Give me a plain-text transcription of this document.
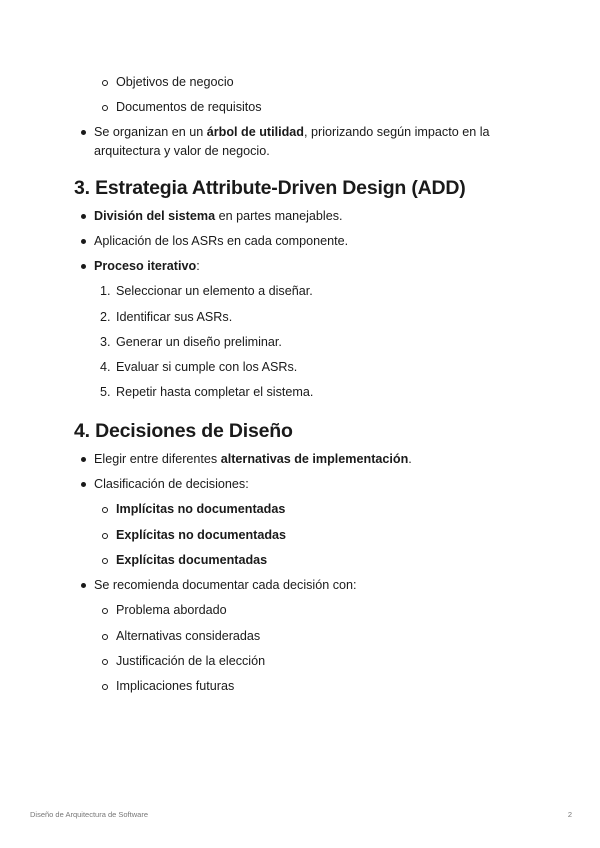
Objetivos de negocio
Documentos de requisitos
Se organizan en un árbol de utilidad, priorizando según impacto en la
arquitectura y valor de negocio.
3. Estrategia Attribute-Driven Design (ADD)
División del sistema en partes manejables.
Aplicación de los ASRs en cada componente.
Proceso iterativo:
1. Seleccionar un elemento a diseñar.
2. Identificar sus ASRs.
3. Generar un diseño preliminar.
4. Evaluar si cumple con los ASRs.
5. Repetir hasta completar el sistema.
4. Decisiones de Diseño
Elegir entre diferentes alternativas de implementación.
Clasificación de decisiones:
Implícitas no documentadas
Explícitas no documentadas
Explícitas documentadas
Se recomienda documentar cada decisión con:
Problema abordado
Alternativas consideradas
Justificación de la elección
Implicaciones futuras
Diseño de Arquitectura de Software	2
